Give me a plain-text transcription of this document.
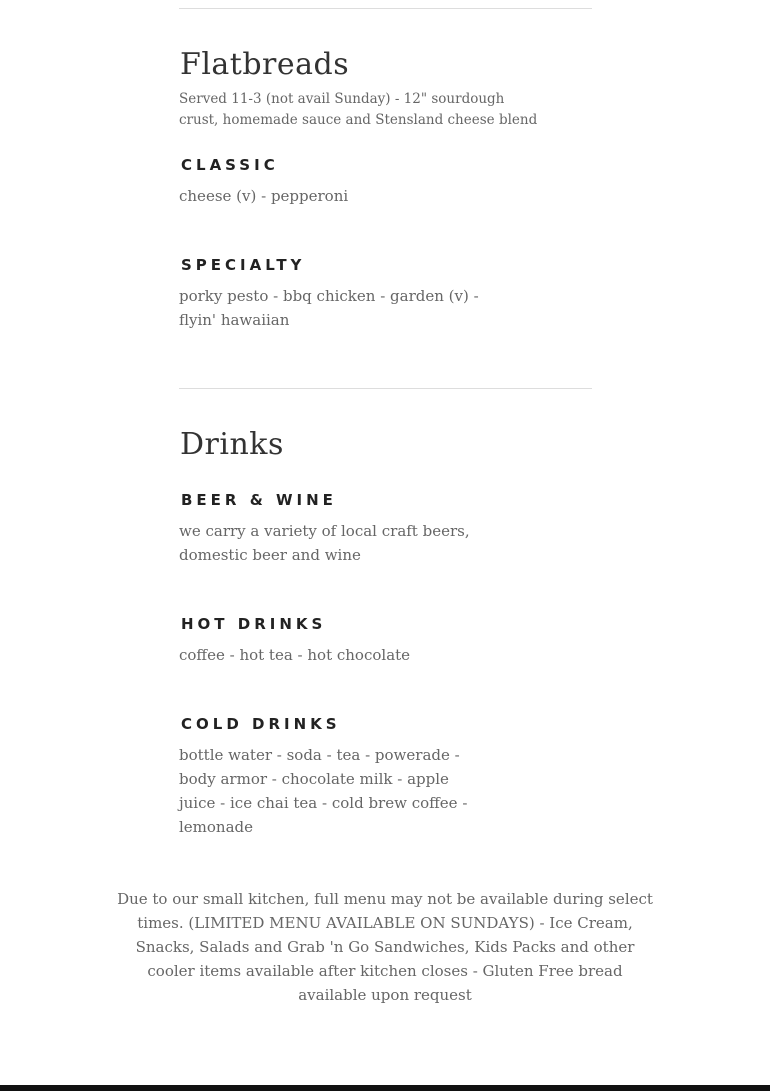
Flatbreads

Served 11-3 (not avail Sunday) - 12" sourdough crust, homemade sauce and Stensland cheese blend

CLASSIC

cheese (v) - pepperoni

SPECIALTY

porky pesto - bbq chicken - garden (v) - flyin' hawaiian

Drinks
BEER & WINE

we carry a variety of local craft beers, domestic beer and wine

HOT DRINKS

coffee - hot tea - hot chocolate

COLD DRINKS

bottle water - soda - tea - powerade - body armor - chocolate milk - apple juice - ice chai tea - cold brew coffee - lemonade

Due to our small kitchen, full menu may not be available during select times. (LIMITED MENU AVAILABLE ON SUNDAYS) - Ice Cream, Snacks, Salads and Grab 'n Go Sandwiches, Kids Packs and other cooler items available after kitchen closes - Gluten Free bread available upon request
